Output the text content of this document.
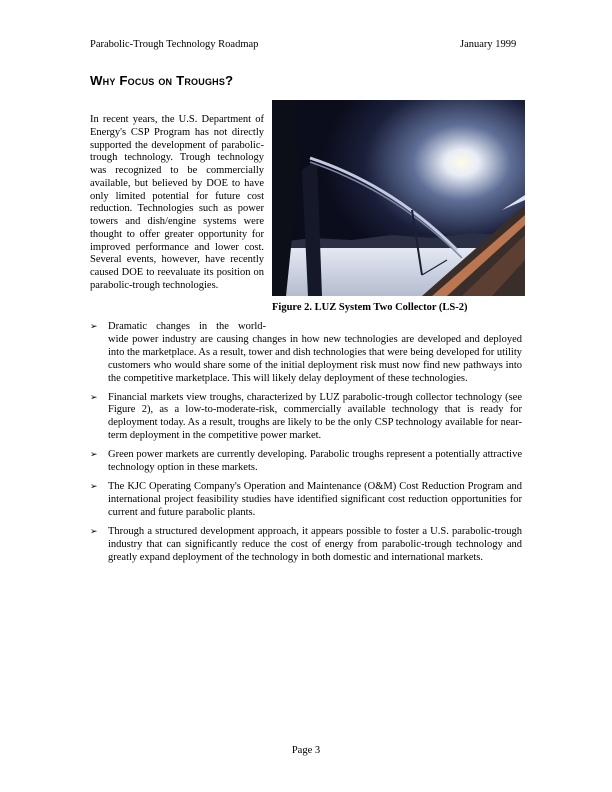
Parabolic-Trough Technology Roadmap	January 1999
Why Focus on Troughs?

In recent years, the U.S. Department of Energy's CSP Program has not directly supported the development of parabolic-trough technology. Trough technology was recognized to be commercially available, but believed by DOE to have only limited potential for future cost reduction. Technologies such as power towers and dish/engine systems were thought to offer greater opportunity for improved performance and lower cost. Several events, however, have recently caused DOE to reevaluate its position on parabolic-trough technologies.

Figure 2. LUZ System Two Collector (LS-2)

➢ Dramatic changes in the world-
wide power industry are causing changes in how new technologies are developed and deployed into the marketplace. As a result, tower and dish technologies that were being developed for utility customers who would share some of the initial deployment risk must now find new pathways into the competitive marketplace. This will likely delay deployment of these technologies.
➢ Financial markets view troughs, characterized by LUZ parabolic-trough collector technology (see Figure 2), as a low-to-moderate-risk, commercially available technology that is ready for deployment today. As a result, troughs are likely to be the only CSP technology available for near-term deployment in the competitive power market.
➢ Green power markets are currently developing. Parabolic troughs represent a potentially attractive technology option in these markets.
➢ The KJC Operating Company's Operation and Maintenance (O&M) Cost Reduction Program and international project feasibility studies have identified significant cost reduction opportunities for current and future parabolic plants.
➢ Through a structured development approach, it appears possible to foster a U.S. parabolic-trough industry that can significantly reduce the cost of energy from parabolic-trough technology and greatly expand deployment of the technology in both domestic and international markets.
Page 3
